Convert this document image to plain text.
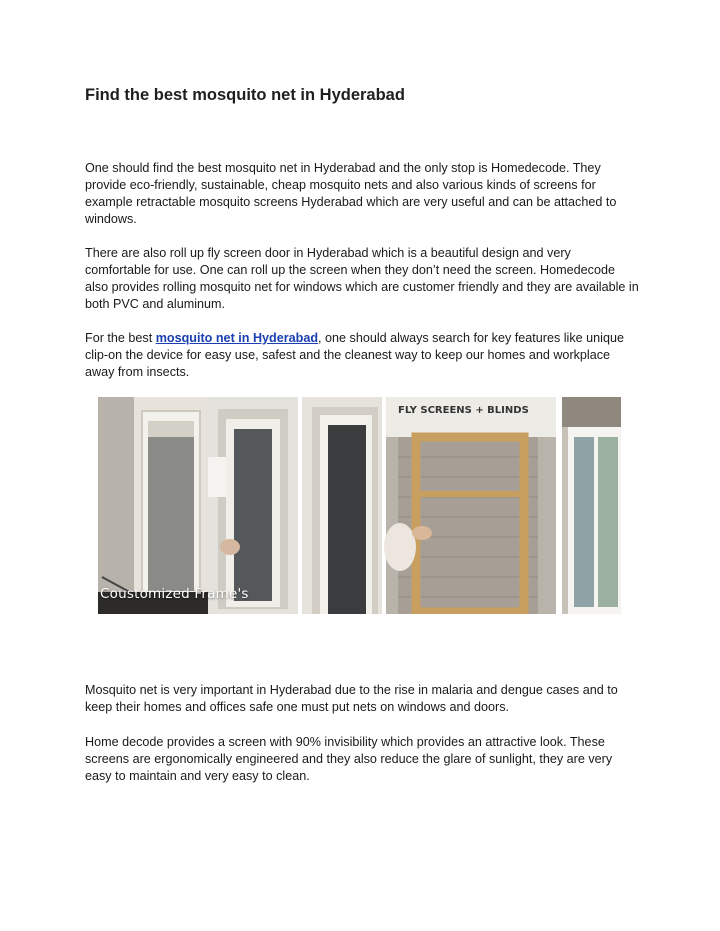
Find the best mosquito net in Hyderabad

One should find the best mosquito net in Hyderabad and the only stop is Homedecode. They provide eco-friendly, sustainable, cheap mosquito nets and also various kinds of screens for example retractable mosquito screens Hyderabad which are very useful and can be attached to windows.

There are also roll up fly screen door in Hyderabad which is a beautiful design and very comfortable for use. One can roll up the screen when they don’t need the screen. Homedecode also provides rolling mosquito net for windows which are customer friendly and they are available in both PVC and aluminum.

For the best mosquito net in Hyderabad, one should always search for key features like unique clip-on the device for easy use, safest and the cleanest way to keep our homes and workplace away from insects.

FLY SCREENS + BLINDS
Coustomized Frame's

Mosquito net is very important in Hyderabad due to the rise in malaria and dengue cases and to keep their homes and offices safe one must put nets on windows and doors.

Home decode provides a screen with 90% invisibility which provides an attractive look. These screens are ergonomically engineered and they also reduce the glare of sunlight, they are very easy to maintain and very easy to clean.
